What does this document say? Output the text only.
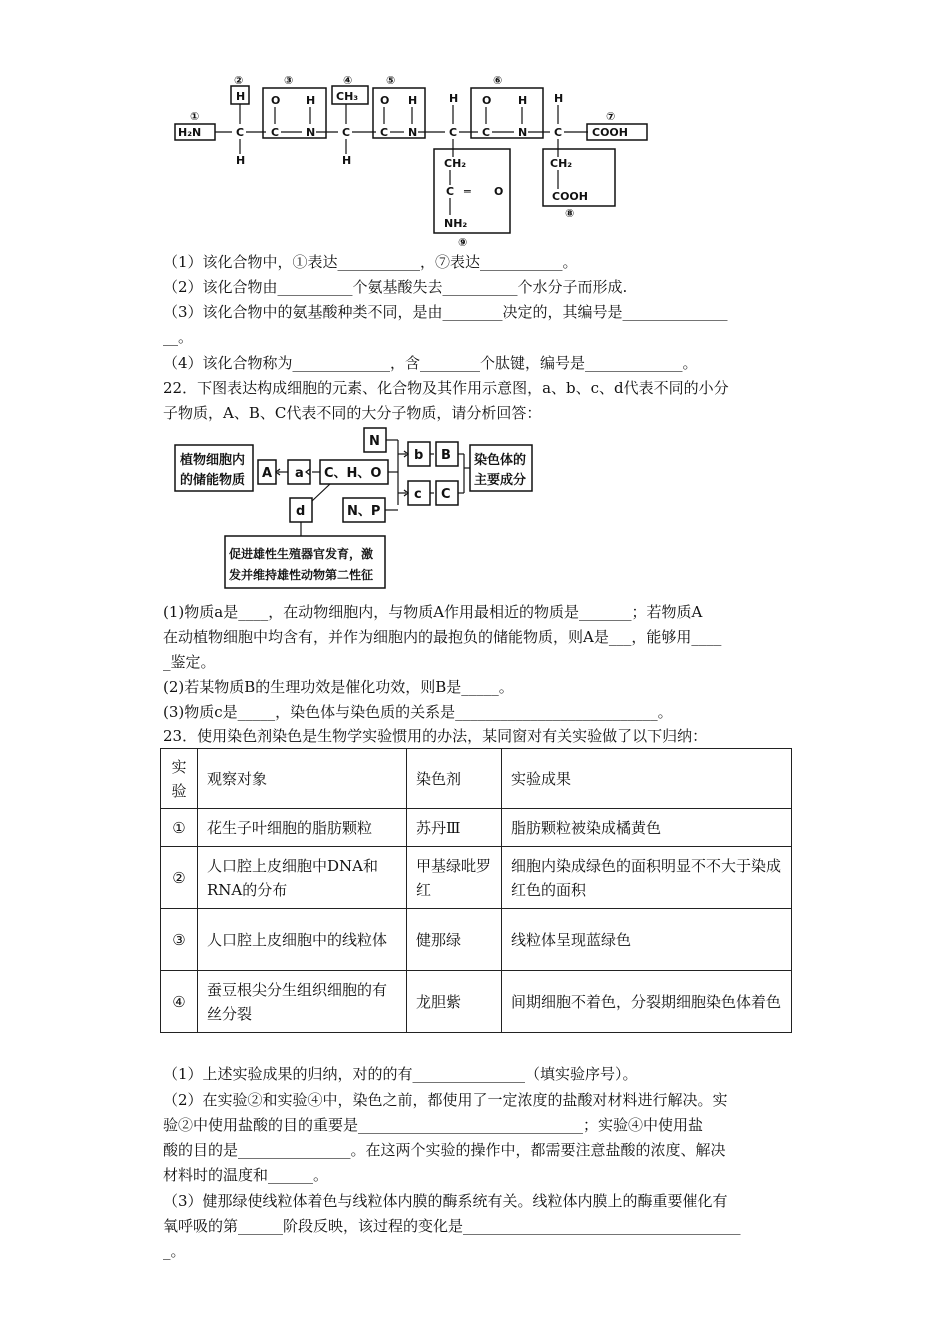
①
②	③	④	⑤	⑥
⑦
⑧
⑨
H₂N
H
C
H
O
C
H
N
CH₃
C
H
O
C
H
N
H
C
O
C
H
N
H
C	COOH
CH₂
C ═ O
NH₂
CH₂
COOH
（1）该化合物中，①表达___________，⑦表达___________。
（2）该化合物由__________个氨基酸失去__________个水分子而形成.
（3）该化合物中的氨基酸种类不同，是由________决定的，其编号是______________
__。
（4）该化合物称为_____________，含________个肽键，编号是_____________。
22．下图表达构成细胞的元素、化合物及其作用示意图，a、b、c、d代表不同的小分
子物质，A、B、C代表不同的大分子物质，请分析回答：
植物细胞内
的储能物质 A a C、H、O
N
b B 染色体的
主要成分
N、P
c C
d
促进雄性生殖器官发育，激
发并维持雄性动物第二性征
(1)物质a是____，在动物细胞内，与物质A作用最相近的物质是_______；若物质A
在动植物细胞中均含有，并作为细胞内的最抱负的储能物质，则A是___，能够用____
_鉴定。
(2)若某物质B的生理功效是催化功效，则B是_____。
(3)物质c是_____，染色体与染色质的关系是___________________________。
23．使用染色剂染色是生物学实验惯用的办法，某同窗对有关实验做了以下归纳：
实验	观察对象	染色剂	实验成果
①	花生子叶细胞的脂肪颗粒	苏丹Ⅲ	脂肪颗粒被染成橘黄色
②	人口腔上皮细胞中DNA和RNA的分布	甲基绿吡罗红	细胞内染成绿色的面积明显不不大于染成红色的面积
③	人口腔上皮细胞中的线粒体	健那绿	线粒体呈现蓝绿色
④	蚕豆根尖分生组织细胞的有丝分裂	龙胆紫	间期细胞不着色，分裂期细胞染色体着色
（1）上述实验成果的归纳，对的的有_______________（填实验序号）。
（2）在实验②和实验④中，染色之前，都使用了一定浓度的盐酸对材料进行解决。实
验②中使用盐酸的目的重要是______________________________；实验④中使用盐
酸的目的是_______________。在这两个实验的操作中，都需要注意盐酸的浓度、解决
材料时的温度和______。
（3）健那绿使线粒体着色与线粒体内膜的酶系统有关。线粒体内膜上的酶重要催化有
氧呼吸的第______阶段反映，该过程的变化是_____________________________________
_。
